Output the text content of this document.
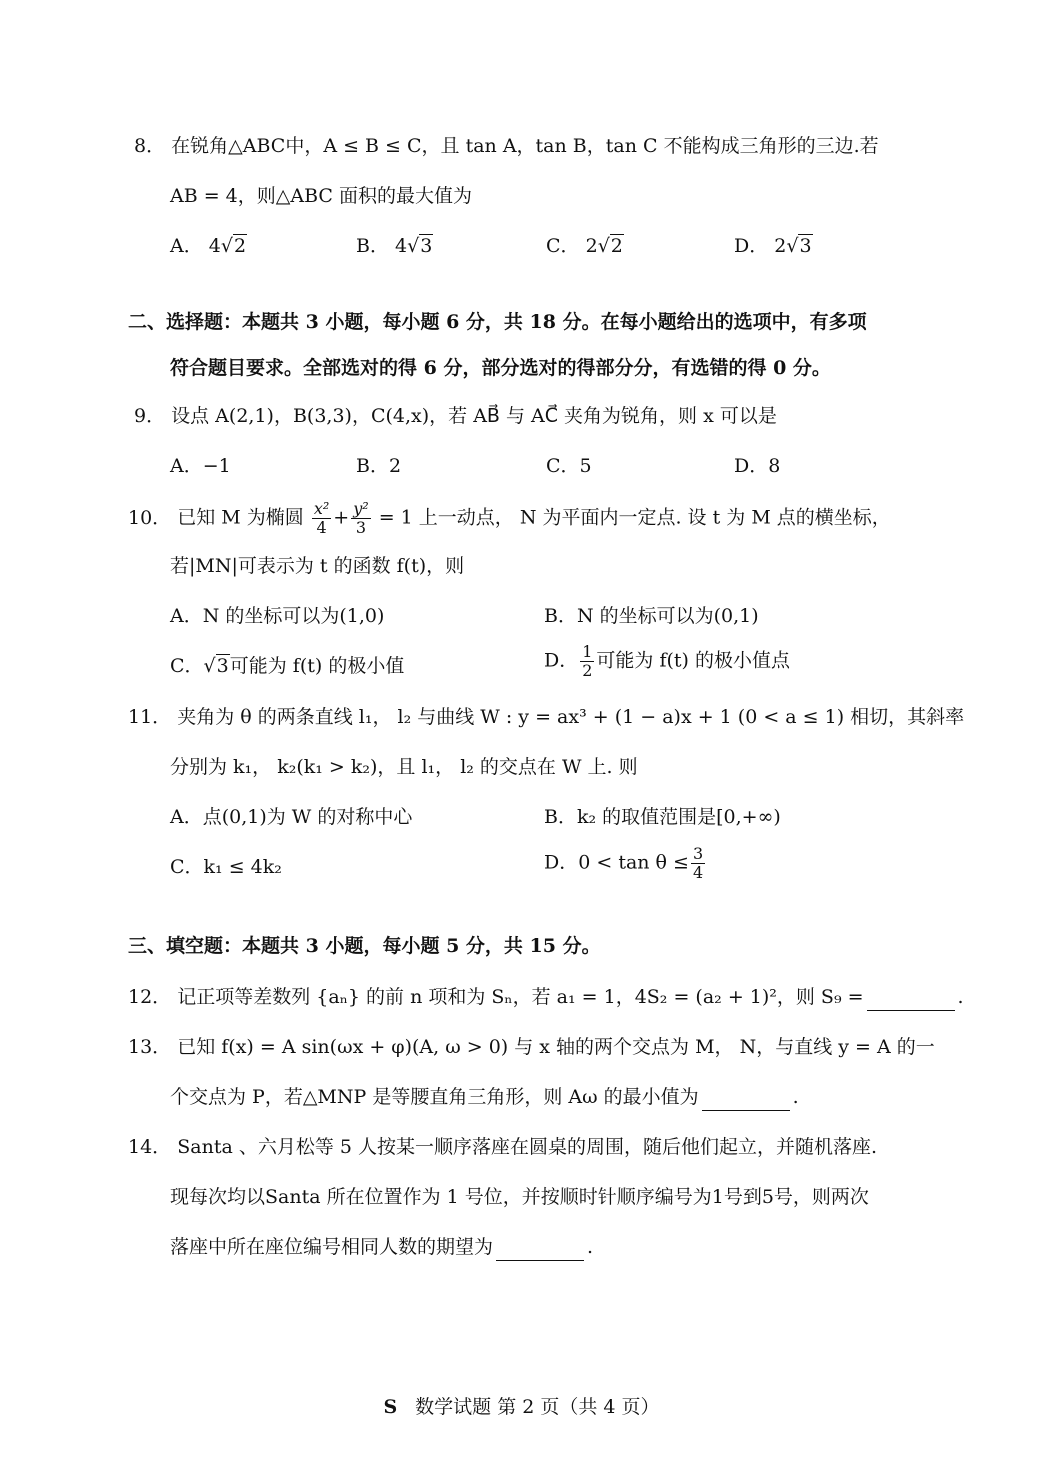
8． 在锐角△ABC中，A ≤ B ≤ C，且 tan A，tan B，tan C 不能构成三角形的三边.若
AB = 4，则△ABC 面积的最大值为
A． 4√2	B． 4√3	C． 2√2	D． 2√3
二、选择题：本题共 3 小题，每小题 6 分，共 18 分。在每小题给出的选项中，有多项
符合题目要求。全部选对的得 6 分，部分选对的得部分分，有选错的得 0 分。
9． 设点 A(2,1)，B(3,3)，C(4,x)，若 AB⃗ 与 AC⃗ 夹角为锐角，则 x 可以是
A．−1	B．2	C．5	D．8
10． 已知 M 为椭圆 $\frac{\text{x²}}{4} + \frac{\text{y²}}{3} = 1$ 上一动点， N 为平面内一定点. 设 t 为 M 点的横坐标，
若|MN|可表示为 t 的函数 f(t)，则
A．N 的坐标可以为(1,0)	B．N 的坐标可以为(0,1)
C．√3可能为 f(t) 的极小值	D． $\frac{1}{2}$ 可能为 f(t) 的极小值点
11． 夹角为 θ 的两条直线 l₁， l₂ 与曲线 W : y = ax³ + (1 − a)x + 1 (0 < a ≤ 1) 相切，其斜率
分别为 k₁， k₂(k₁ > k₂)，且 l₁， l₂ 的交点在 W 上. 则
A．点(0,1)为 W 的对称中心	B．k₂ 的取值范围是[0,+∞)
C．k₁ ≤ 4k₂	D．$0 < \tan \theta \le \frac{3}{4}$
三、填空题：本题共 3 小题，每小题 5 分，共 15 分。
12． 记正项等差数列 {aₙ} 的前 n 项和为 Sₙ，若 a₁ = 1，4S₂ = (a₂ + 1)²，则 S₉ =	.
13． 已知 f(x) = A sin(ωx + φ)(A, ω > 0) 与 x 轴的两个交点为 M， N，与直线 y = A 的一
个交点为 P，若△MNP 是等腰直角三角形，则 Aω 的最小值为	.
14． Santa 、六月松等 5 人按某一顺序落座在圆桌的周围，随后他们起立，并随机落座.
现每次均以Santa 所在位置作为 1 号位，并按顺时针顺序编号为1号到5号，则两次
落座中所在座位编号相同人数的期望为	.
S 数学试题 第 2 页（共 4 页）
